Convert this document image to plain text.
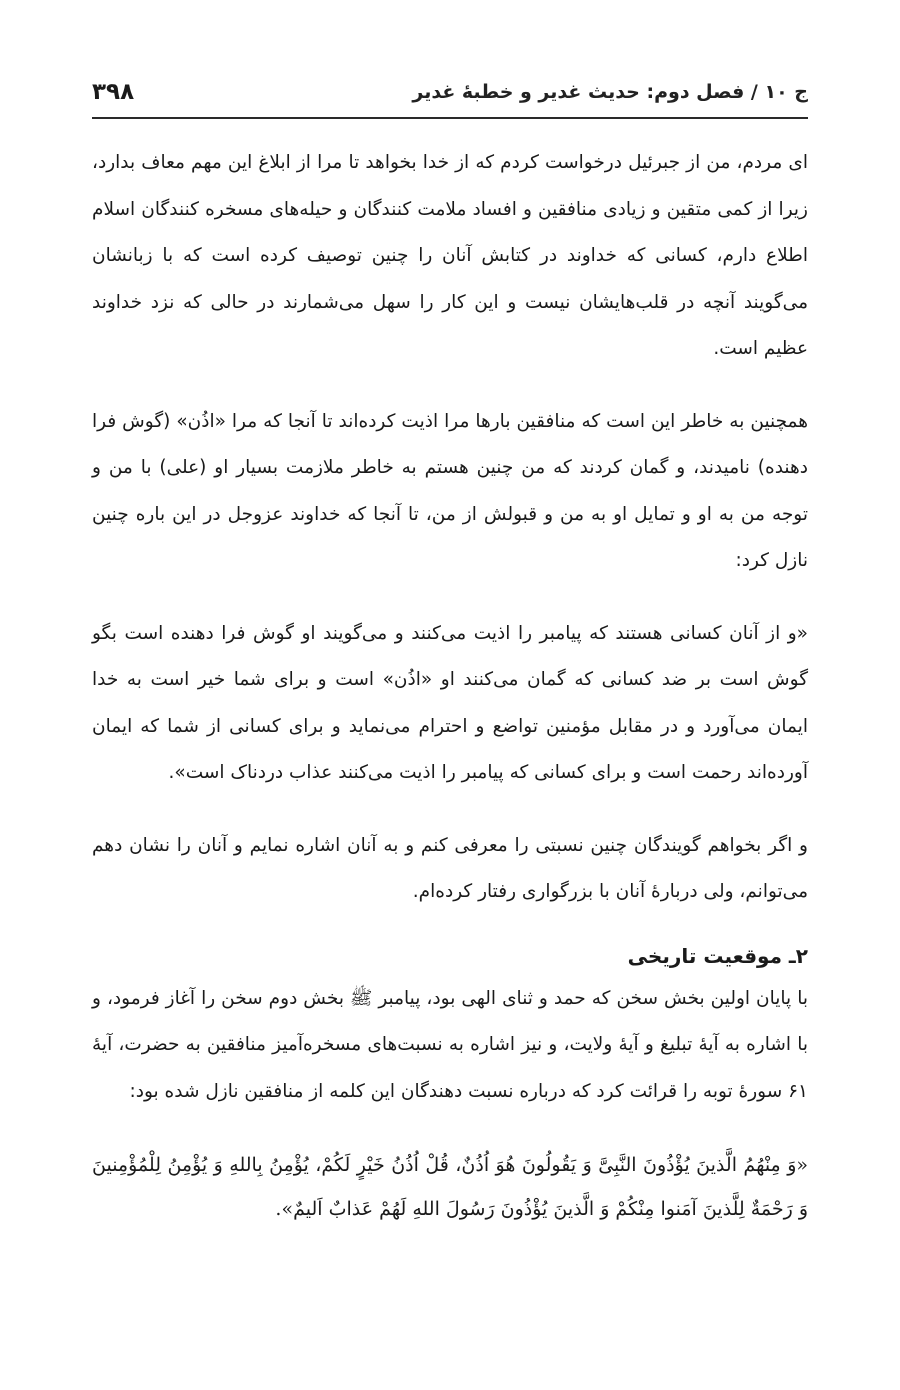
ج ۱۰ / فصل دوم: حدیث غدیر و خطبهٔ غدیر
۳۹۸

ای مردم، من از جبرئیل درخواست کردم که از خدا بخواهد تا مرا از ابلاغ این مهم معاف بدارد، زیرا از کمی متقین و زیادی منافقین و افساد ملامت کنندگان و حیله‌های مسخره کنندگان اسلام اطلاع دارم، کسانی که خداوند در کتابش آنان را چنین توصیف کرده است که با زبانشان می‌گویند آنچه در قلب‌هایشان نیست و این کار را سهل می‌شمارند در حالی که نزد خداوند عظیم است.

همچنین به خاطر این است که منافقین بارها مرا اذیت کرده‌اند تا آنجا که مرا «اذُن» (گوش فرا دهنده) نامیدند، و گمان کردند که من چنین هستم به خاطر ملازمت بسیار او (علی) با من و توجه من به او و تمایل او به من و قبولش از من، تا آنجا که خداوند عزوجل در این باره چنین نازل کرد:

«و از آنان کسانی هستند که پیامبر را اذیت می‌کنند و می‌گویند او گوش فرا دهنده است بگو گوش است بر ضد کسانی که گمان می‌کنند او «اذُن» است و برای شما خیر است به خدا ایمان می‌آورد و در مقابل مؤمنین تواضع و احترام می‌نماید و برای کسانی از شما که ایمان آورده‌اند رحمت است و برای کسانی که پیامبر را اذیت می‌کنند عذاب دردناک است».

و اگر بخواهم گویندگان چنین نسبتی را معرفی کنم و به آنان اشاره نمایم و آنان را نشان دهم می‌توانم، ولی دربارهٔ آنان با بزرگواری رفتار کرده‌ام.

۲ـ موقعیت تاریخی

با پایان اولین بخش سخن که حمد و ثنای الهی بود، پیامبر ﷺ بخش دوم سخن را آغاز فرمود، و با اشاره به آیهٔ تبلیغ و آیهٔ ولایت، و نیز اشاره به نسبت‌های مسخره‌آمیز منافقین به حضرت، آیهٔ ۶۱ سورهٔ توبه را قرائت کرد که درباره نسبت دهندگان این کلمه از منافقین نازل شده بود:

«وَ مِنْهُمُ الَّذینَ یُؤْذُونَ النَّبِیَّ وَ یَقُولُونَ هُوَ اُذُنٌ، قُلْ اُذُنُ خَیْرٍ لَکُمْ، یُؤْمِنُ بِاللهِ وَ یُؤْمِنُ لِلْمُؤْمِنینَ وَ رَحْمَةٌ لِلَّذینَ آمَنوا مِنْکُمْ وَ الَّذینَ یُؤْذُونَ رَسُولَ اللهِ لَهُمْ عَذابٌ اَلیمٌ».
